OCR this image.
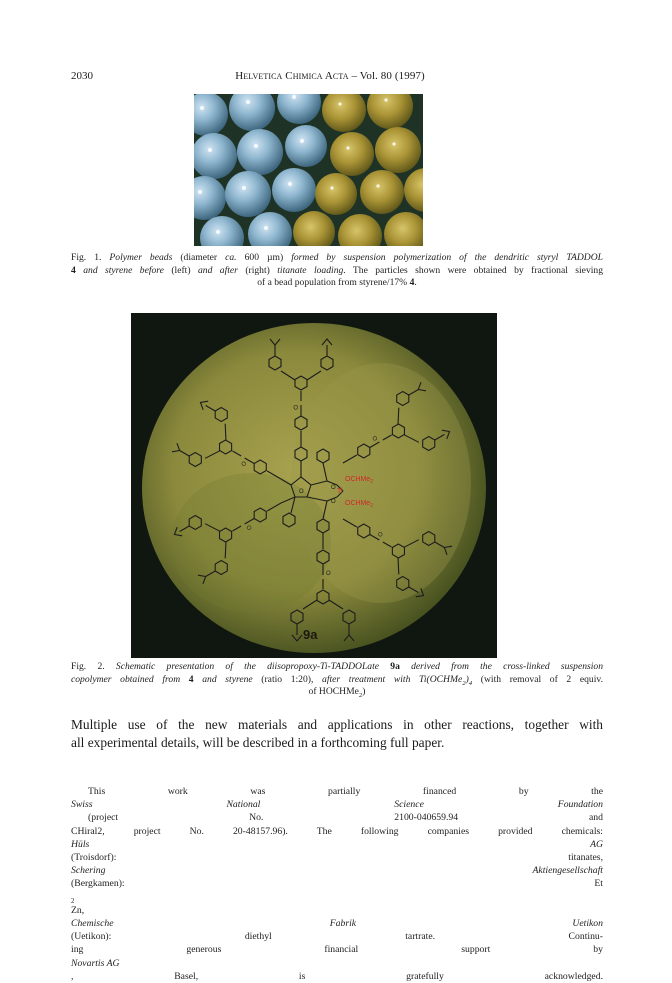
2030	Helvetica Chimica Acta – Vol. 80 (1997)
Fig. 1. Polymer beads (diameter ca. 600 µm) formed by suspension polymerization of the dendritic styryl TADDOL
4 and styrene before (left) and after (right) titanate loading. The particles shown were obtained by fractional sieving
of a bead population from styrene/17% 4.
O
O
O
OCHMe$_2$
Ti
OCHMe$_2$
9a
Fig. 2. Schematic presentation of the diisopropoxy-Ti-TADDOLate 9a derived from the cross-linked suspension
copolymer obtained from 4 and styrene (ratio 1:20), after treatment with $Ti(OCHMe_2)_4$ (with removal of 2 equiv.
of HOCHMe$_2$)
Multiple use of the new materials and applications in other reactions, together with
all experimental details, will be described in a forthcoming full paper.
This work was partially financed by the
Swiss National Science Foundation
(project No. 2100-040659.94 and
CHiral2, project No. 20-48157.96). The following companies provided chemicals:
Hüls AG
(Troisdorf): titanates,
Schering Aktiengesellschaft
(Bergkamen): Et
$_2$
Zn,
Chemische Fabrik Uetikon
(Uetikon): diethyl tartrate. Continu-
ing generous financial support by
Novartis AG
, Basel, is gratefully acknowledged.
